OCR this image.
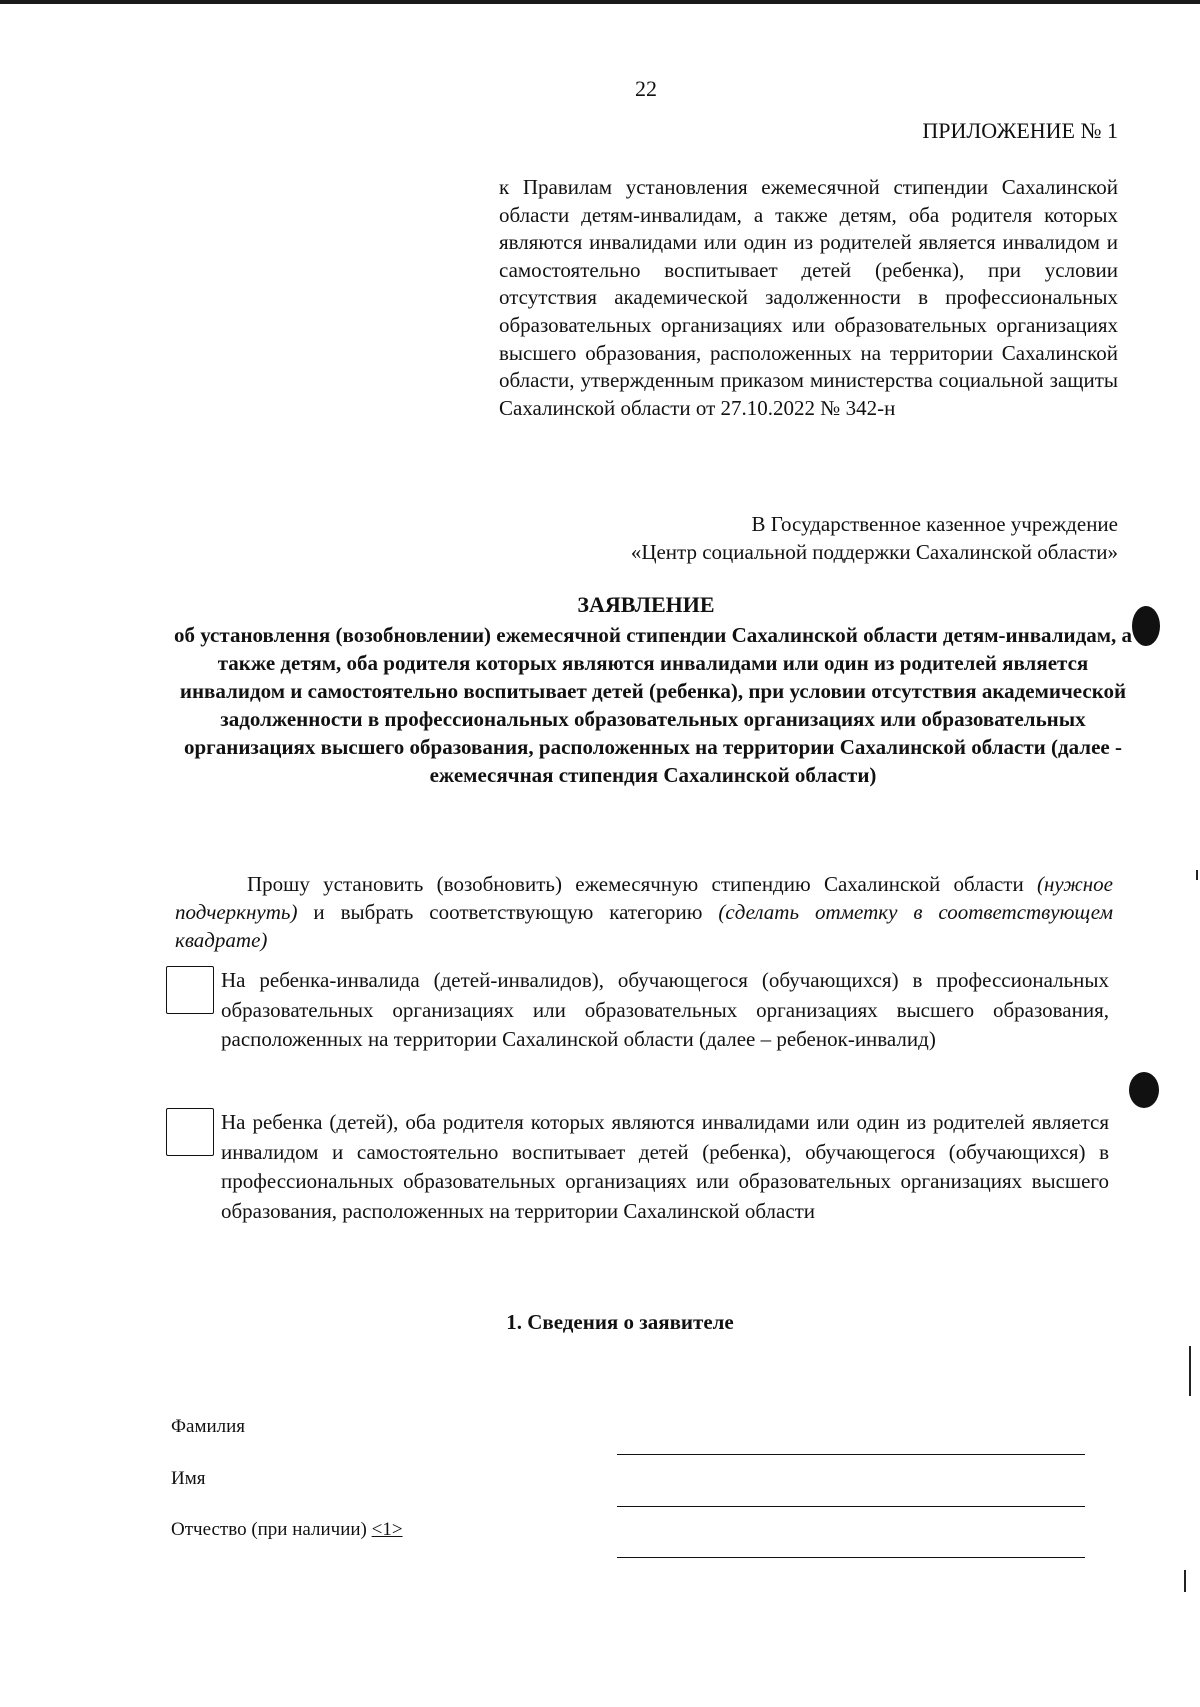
22
ПРИЛОЖЕНИЕ № 1
к Правилам установления ежемесячной стипендии Сахалинской области детям-инвалидам, а также детям, оба родителя которых являются инвалидами или один из родителей является инвалидом и самостоятельно воспитывает детей (ребенка), при условии отсутствия академической задолженности в профессиональных образовательных организациях или образовательных организациях высшего образования, расположенных на территории Сахалинской области, утвержденным приказом министерства социальной защиты Сахалинской области от 27.10.2022 № 342-н
В Государственное казенное учреждение
«Центр социальной поддержки Сахалинской области»
ЗАЯВЛЕНИЕ
об установлення (возобновлении) ежемесячной стипендии Сахалинской области детям-инвалидам, а также детям, оба родителя которых являются инвалидами или один из родителей является инвалидом и самостоятельно воспитывает детей (ребенка), при условии отсутствия академической задолженности в профессиональных образовательных организациях или образовательных организациях высшего образования, расположенных на территории Сахалинской области (далее - ежемесячная стипендия Сахалинской области)
Прошу установить (возобновить) ежемесячную стипендию Сахалинской области (нужное подчеркнуть) и выбрать соответствующую категорию (сделать отметку в соответствующем квадрате)
На ребенка-инвалида (детей-инвалидов), обучающегося (обучающихся) в профессиональных образовательных организациях или образовательных организациях высшего образования, расположенных на территории Сахалинской области (далее – ребенок-инвалид)
На ребенка (детей), оба родителя которых являются инвалидами или один из родителей является инвалидом и самостоятельно воспитывает детей (ребенка), обучающегося (обучающихся) в профессиональных образовательных организациях или образовательных организациях высшего образования, расположенных на территории Сахалинской области
1. Сведения о заявителе
Фамилия
Имя
Отчество (при наличии) <1>
